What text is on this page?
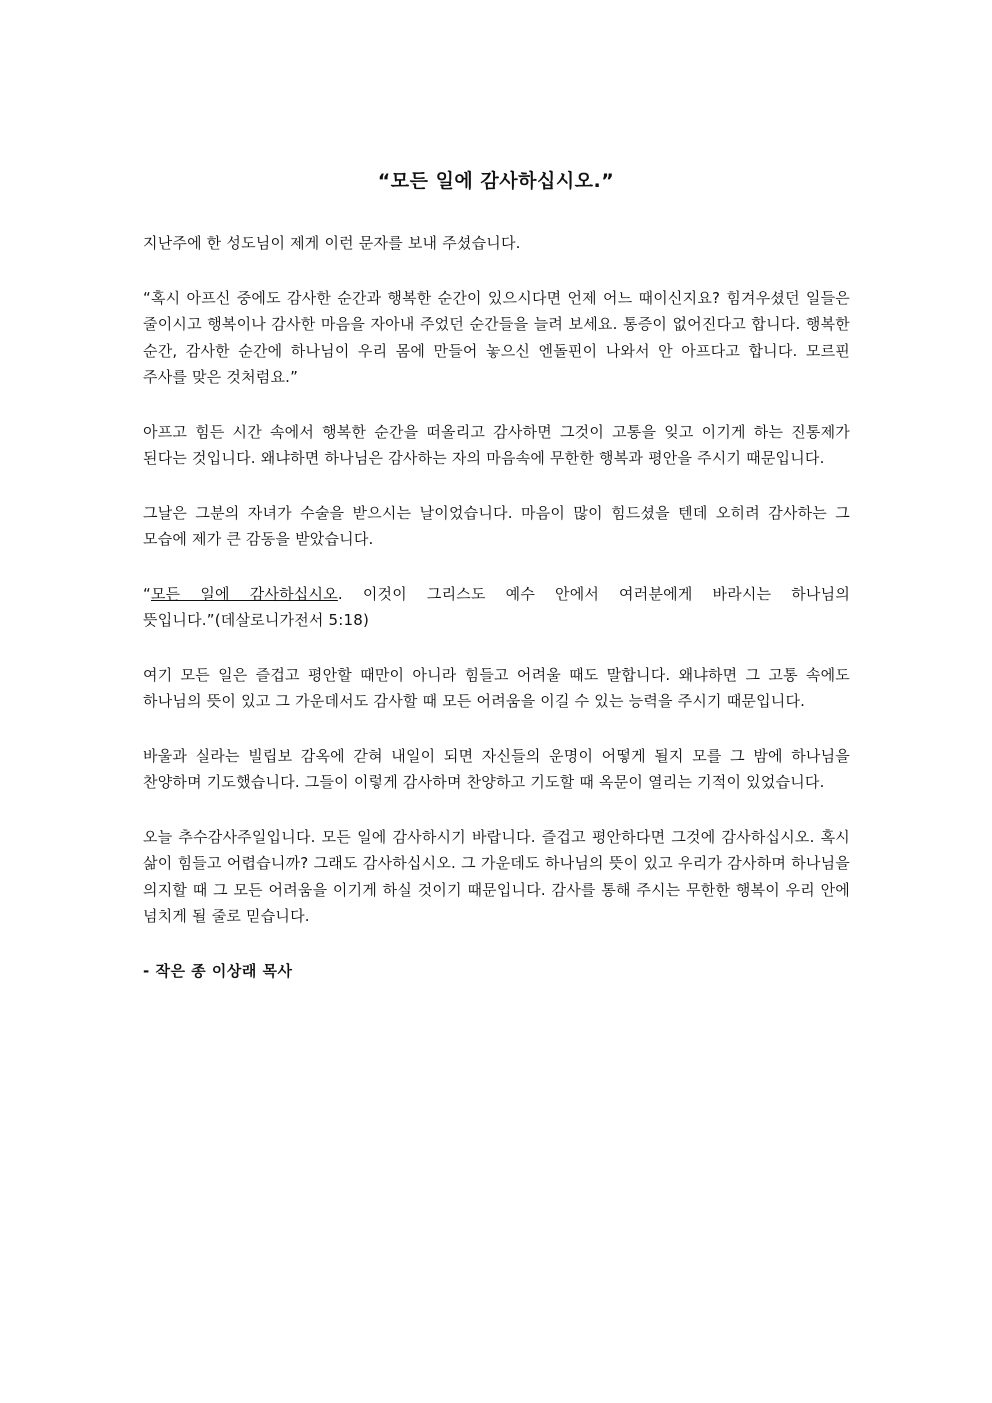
“모든 일에 감사하십시오.”

지난주에 한 성도님이 제게 이런 문자를 보내 주셨습니다.

“혹시 아프신 중에도 감사한 순간과 행복한 순간이 있으시다면 언제 어느 때이신지요? 힘겨우셨던 일들은 줄이시고 행복이나 감사한 마음을 자아내 주었던 순간들을 늘려 보세요. 통증이 없어진다고 합니다. 행복한 순간, 감사한 순간에 하나님이 우리 몸에 만들어 놓으신 엔돌핀이 나와서 안 아프다고 합니다. 모르핀 주사를 맞은 것처럼요.”

아프고 힘든 시간 속에서 행복한 순간을 떠올리고 감사하면 그것이 고통을 잊고 이기게 하는 진통제가 된다는 것입니다. 왜냐하면 하나님은 감사하는 자의 마음속에 무한한 행복과 평안을 주시기 때문입니다.

그날은 그분의 자녀가 수술을 받으시는 날이었습니다. 마음이 많이 힘드셨을 텐데 오히려 감사하는 그 모습에 제가 큰 감동을 받았습니다.

“모든 일에 감사하십시오. 이것이 그리스도 예수 안에서 여러분에게 바라시는 하나님의 뜻입니다.”(데살로니가전서 5:18)

여기 모든 일은 즐겁고 평안할 때만이 아니라 힘들고 어려울 때도 말합니다. 왜냐하면 그 고통 속에도 하나님의 뜻이 있고 그 가운데서도 감사할 때 모든 어려움을 이길 수 있는 능력을 주시기 때문입니다.

바울과 실라는 빌립보 감옥에 갇혀 내일이 되면 자신들의 운명이 어떻게 될지 모를 그 밤에 하나님을 찬양하며 기도했습니다. 그들이 이렇게 감사하며 찬양하고 기도할 때 옥문이 열리는 기적이 있었습니다.

오늘 추수감사주일입니다. 모든 일에 감사하시기 바랍니다. 즐겁고 평안하다면 그것에 감사하십시오. 혹시 삶이 힘들고 어렵습니까? 그래도 감사하십시오. 그 가운데도 하나님의 뜻이 있고 우리가 감사하며 하나님을 의지할 때 그 모든 어려움을 이기게 하실 것이기 때문입니다. 감사를 통해 주시는 무한한 행복이 우리 안에 넘치게 될 줄로 믿습니다.

- 작은 종 이상래 목사
